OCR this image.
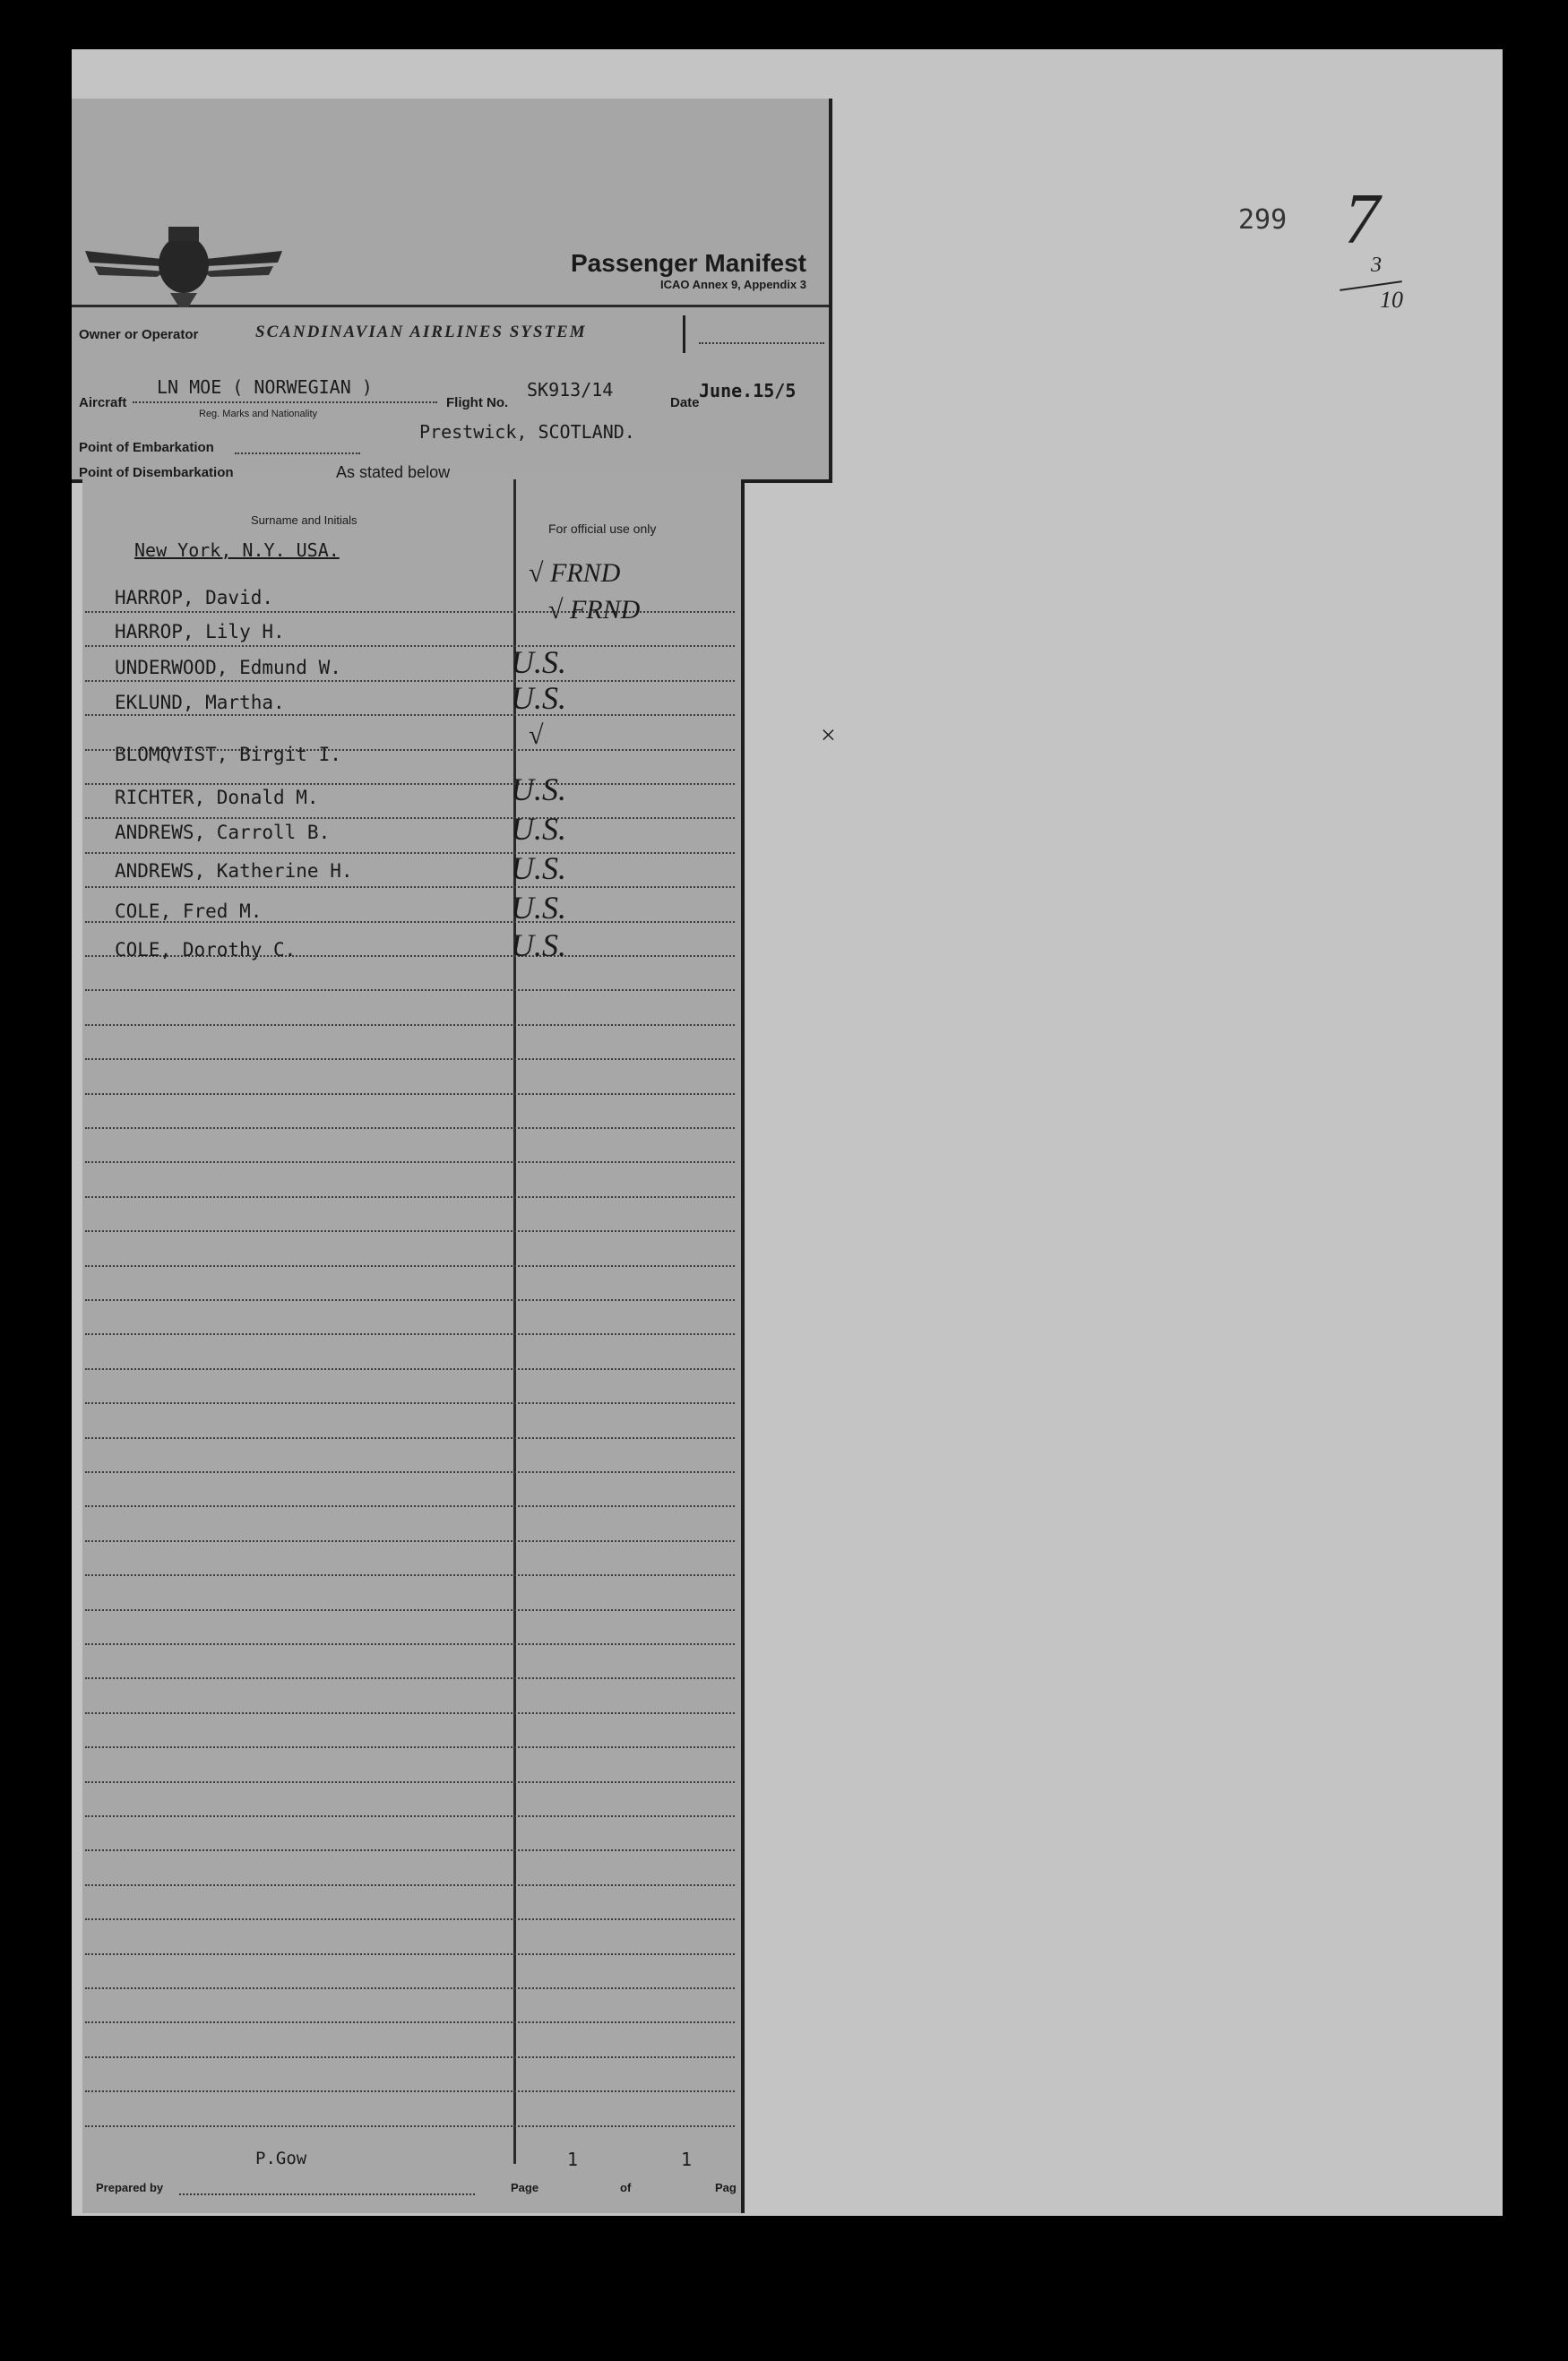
Passenger Manifest
ICAO Annex 9, Appendix 3
Owner or Operator	SCANDINAVIAN AIRLINES SYSTEM
Aircraft
LN MOE ( NORWEGIAN )
Reg. Marks and Nationality
Flight No.
SK913/14
Date
June.15/5
Point of Embarkation
Prestwick, SCOTLAND.
Point of Disembarkation	As stated below
Surname and Initials
For official use only
New York, N.Y. USA.
HARROP, David.
HARROP, Lily H.
UNDERWOOD, Edmund W.
EKLUND, Martha.
BLOMQVIST, Birgit I.
RICHTER, Donald M.
ANDREWS, Carroll B.
ANDREWS, Katherine H.
COLE, Fred M.
COLE, Dorothy C.
√ FRND
√ FRND
U.S.
U.S.
√ ×
U.S.
U.S.
U.S.
U.S.
U.S.
Prepared by
P.Gow
Page
1
of
1
Pag
299 7
3
10
